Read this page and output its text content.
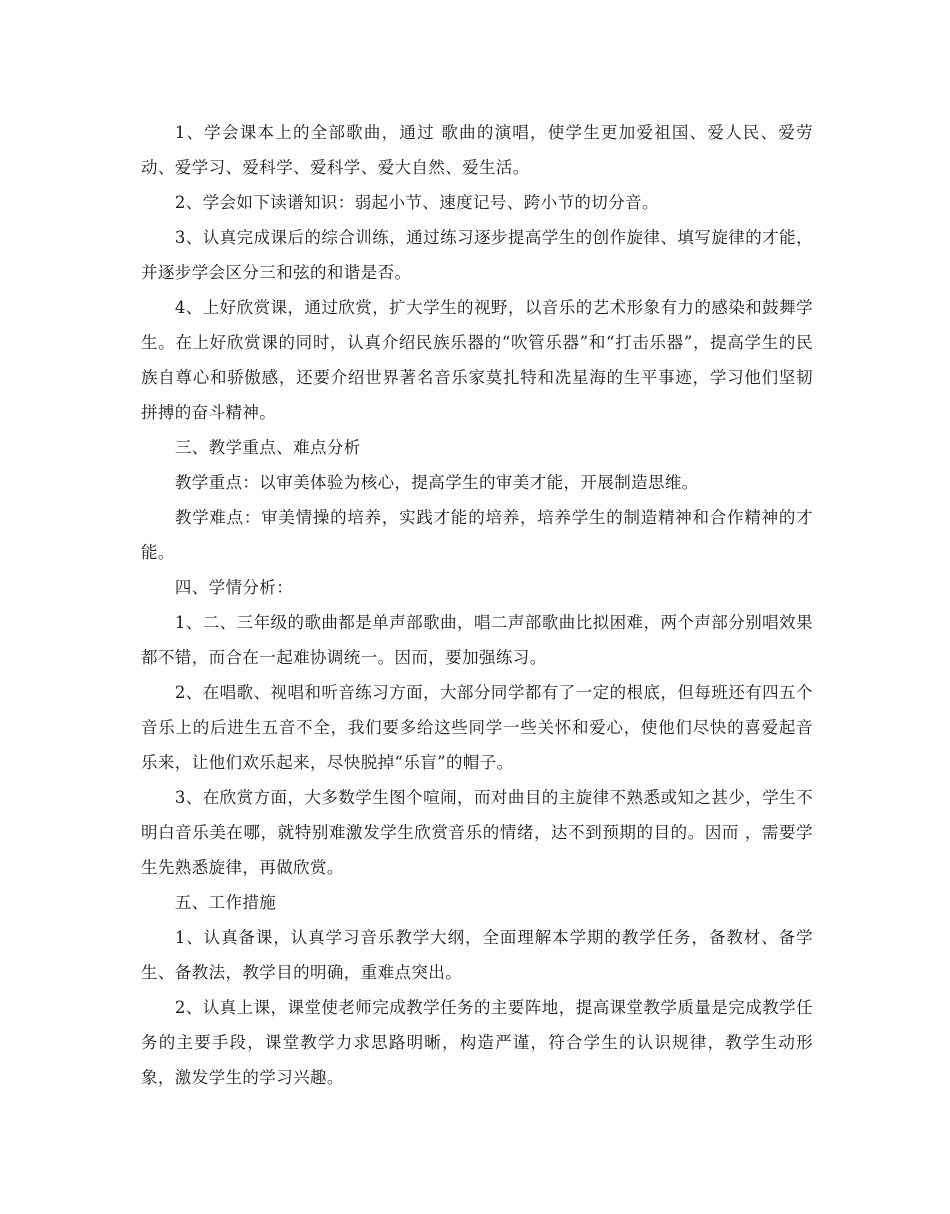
1、学会课本上的全部歌曲，通过 歌曲的演唱，使学生更加爱祖国、爱人民、爱劳动、爱学习、爱科学、爱科学、爱大自然、爱生活。

2、学会如下读谱知识：弱起小节、速度记号、跨小节的切分音。

3、认真完成课后的综合训练，通过练习逐步提高学生的创作旋律、填写旋律的才能，并逐步学会区分三和弦的和谐是否。

4、上好欣赏课，通过欣赏，扩大学生的视野，以音乐的艺术形象有力的感染和鼓舞学生。在上好欣赏课的同时，认真介绍民族乐器的“吹管乐器”和“打击乐器”，提高学生的民族自尊心和骄傲感，还要介绍世界著名音乐家莫扎特和冼星海的生平事迹，学习他们坚韧拼搏的奋斗精神。

三、教学重点、难点分析

教学重点：以审美体验为核心，提高学生的审美才能，开展制造思维。

教学难点：审美情操的培养，实践才能的培养，培养学生的制造精神和合作精神的才能。

四、学情分析：

1、二、三年级的歌曲都是单声部歌曲，唱二声部歌曲比拟困难，两个声部分别唱效果都不错，而合在一起难协调统一。因而，要加强练习。

2、在唱歌、视唱和听音练习方面，大部分同学都有了一定的根底，但每班还有四五个音乐上的后进生五音不全，我们要多给这些同学一些关怀和爱心，使他们尽快的喜爱起音乐来，让他们欢乐起来，尽快脱掉“乐盲”的帽子。

3、在欣赏方面，大多数学生图个喧闹，而对曲目的主旋律不熟悉或知之甚少，学生不明白音乐美在哪，就特别难激发学生欣赏音乐的情绪，达不到预期的目的。因而 ，需要学生先熟悉旋律，再做欣赏。

五、工作措施

1、认真备课，认真学习音乐教学大纲，全面理解本学期的教学任务，备教材、备学生、备教法，教学目的明确，重难点突出。

2、认真上课，课堂使老师完成教学任务的主要阵地，提高课堂教学质量是完成教学任务的主要手段，课堂教学力求思路明晰，构造严谨，符合学生的认识规律，教学生动形象，激发学生的学习兴趣。
